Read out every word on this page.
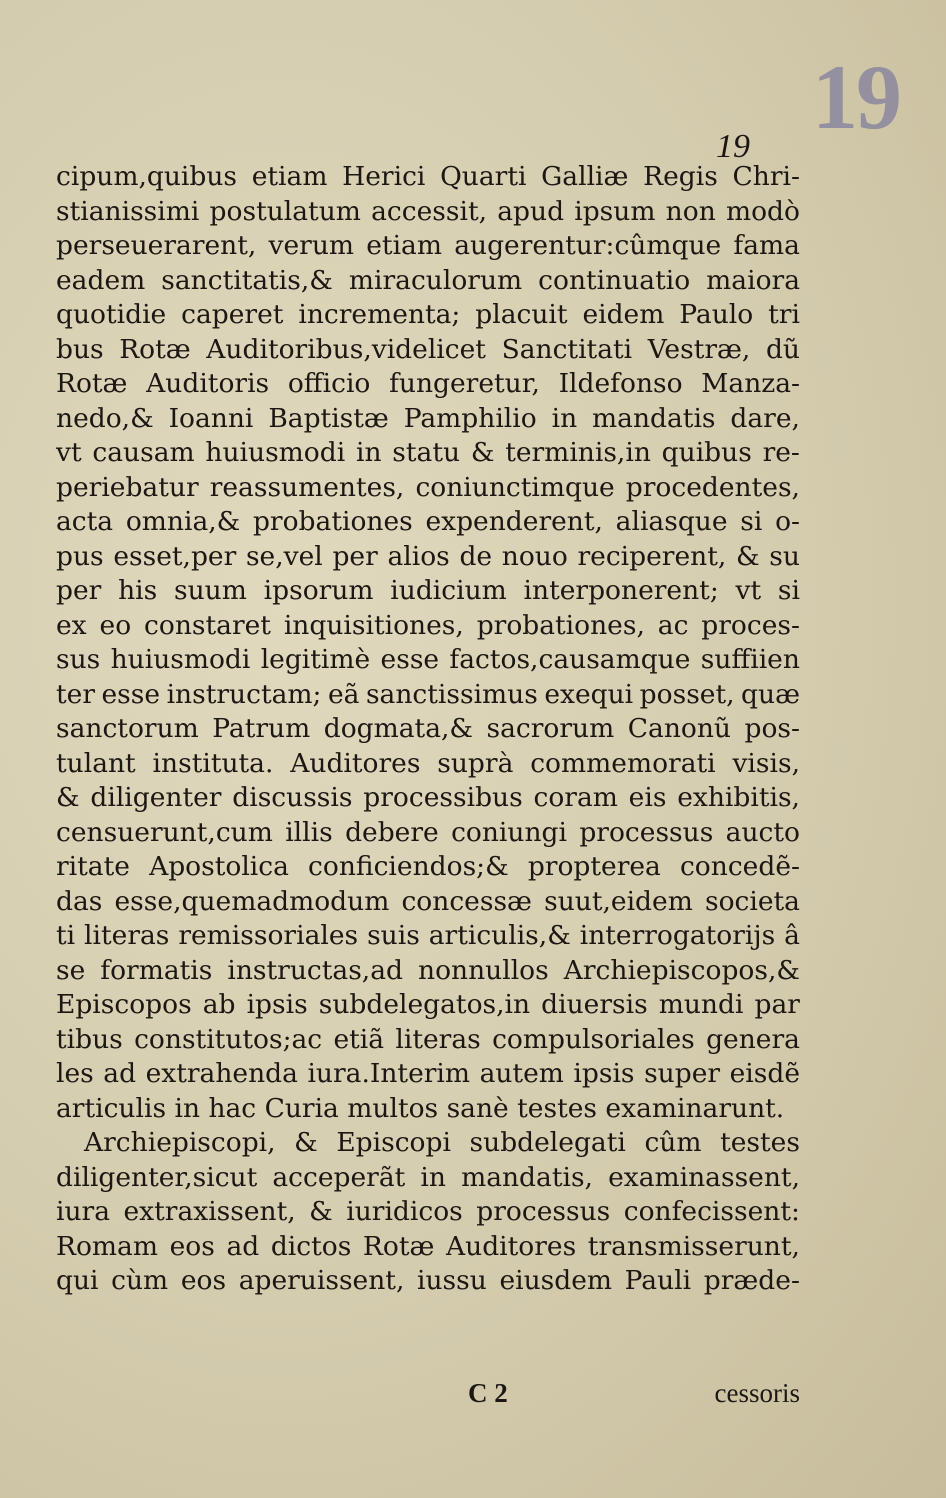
19
19
cipum,quibus etiam Herici Quarti Galliæ Regis Chri-
stianissimi postulatum accessit, apud ipsum non modò
perseuerarent, verum etiam augerentur:cûmque fama
eadem sanctitatis,& miraculorum continuatio maiora
quotidie caperet incrementa; placuit eidem Paulo tri
bus Rotæ Auditoribus,videlicet Sanctitati Vestræ, dũ
Rotæ Auditoris officio fungeretur, Ildefonso Manza-
nedo,& Ioanni Baptistæ Pamphilio in mandatis dare,
vt causam huiusmodi in statu & terminis,in quibus re-
periebatur reassumentes, coniunctimque procedentes,
acta omnia,& probationes expenderent, aliasque si o-
pus esset,per se,vel per alios de nouo reciperent, & su
per his suum ipsorum iudicium interponerent; vt si
ex eo constaret inquisitiones, probationes, ac proces-
sus huiusmodi legitimè esse factos,causamque suffiien
ter esse instructam; eã sanctissimus exequi posset, quæ
sanctorum Patrum dogmata,& sacrorum Canonũ pos-
tulant instituta. Auditores suprà commemorati visis,
& diligenter discussis processibus coram eis exhibitis,
censuerunt,cum illis debere coniungi processus aucto
ritate Apostolica conficiendos;& propterea concedẽ-
das esse,quemadmodum concessæ suut,eidem societa
ti literas remissoriales suis articulis,& interrogatorijs â
se formatis instructas,ad nonnullos Archiepiscopos,&
Episcopos ab ipsis subdelegatos,in diuersis mundi par
tibus constitutos;ac etiã literas compulsoriales genera
les ad extrahenda iura.Interim autem ipsis super eisdẽ
articulis in hac Curia multos sanè testes examinarunt.
Archiepiscopi, & Episcopi subdelegati cûm testes
diligenter,sicut acceperãt in mandatis, examinassent,
iura extraxissent, & iuridicos processus confecissent:
Romam eos ad dictos Rotæ Auditores transmisserunt,
qui cùm eos aperuissent, iussu eiusdem Pauli præde-
C 2	cessoris
